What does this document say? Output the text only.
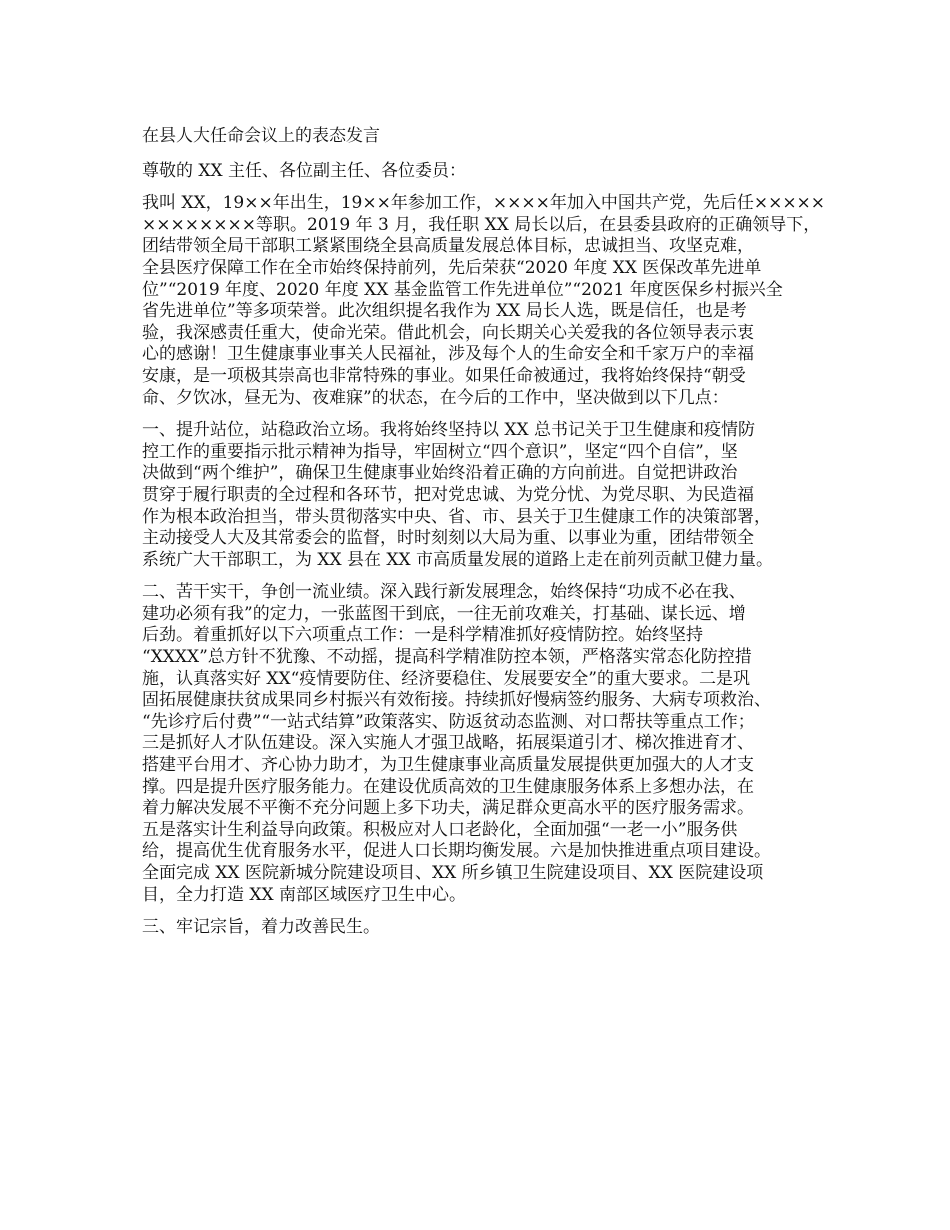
在县人大任命会议上的表态发言

尊敬的 XX 主任、各位副主任、各位委员：

我叫 XX，19××年出生，19××年参加工作，××××年加入中国共产党，先后任×××××
××××××××等职。2019 年 3 月，我任职 XX 局长以后，在县委县政府的正确领导下，
团结带领全局干部职工紧紧围绕全县高质量发展总体目标，忠诚担当、攻坚克难，
全县医疗保障工作在全市始终保持前列，先后荣获“2020 年度 XX 医保改革先进单
位”“2019 年度、2020 年度 XX 基金监管工作先进单位”“2021 年度医保乡村振兴全
省先进单位”等多项荣誉。此次组织提名我作为 XX 局长人选，既是信任，也是考
验，我深感责任重大，使命光荣。借此机会，向长期关心关爱我的各位领导表示衷
心的感谢！卫生健康事业事关人民福祉，涉及每个人的生命安全和千家万户的幸福
安康，是一项极其崇高也非常特殊的事业。如果任命被通过，我将始终保持“朝受
命、夕饮冰，昼无为、夜难寐”的状态，在今后的工作中，坚决做到以下几点：

一、提升站位，站稳政治立场。我将始终坚持以 XX 总书记关于卫生健康和疫情防
控工作的重要指示批示精神为指导，牢固树立“四个意识”，坚定“四个自信”，坚
决做到“两个维护”，确保卫生健康事业始终沿着正确的方向前进。自觉把讲政治
贯穿于履行职责的全过程和各环节，把对党忠诚、为党分忧、为党尽职、为民造福
作为根本政治担当，带头贯彻落实中央、省、市、县关于卫生健康工作的决策部署，
主动接受人大及其常委会的监督，时时刻刻以大局为重、以事业为重，团结带领全
系统广大干部职工，为 XX 县在 XX 市高质量发展的道路上走在前列贡献卫健力量。

二、苦干实干，争创一流业绩。深入践行新发展理念，始终保持“功成不必在我、
建功必须有我”的定力，一张蓝图干到底，一往无前攻难关，打基础、谋长远、增
后劲。着重抓好以下六项重点工作：一是科学精准抓好疫情防控。始终坚持
“XXXX”总方针不犹豫、不动摇，提高科学精准防控本领，严格落实常态化防控措
施，认真落实好 XX“疫情要防住、经济要稳住、发展要安全”的重大要求。二是巩
固拓展健康扶贫成果同乡村振兴有效衔接。持续抓好慢病签约服务、大病专项救治、
“先诊疗后付费”“一站式结算”政策落实、防返贫动态监测、对口帮扶等重点工作；
三是抓好人才队伍建设。深入实施人才强卫战略，拓展渠道引才、梯次推进育才、
搭建平台用才、齐心协力助才，为卫生健康事业高质量发展提供更加强大的人才支
撑。四是提升医疗服务能力。在建设优质高效的卫生健康服务体系上多想办法，在
着力解决发展不平衡不充分问题上多下功夫，满足群众更高水平的医疗服务需求。
五是落实计生利益导向政策。积极应对人口老龄化，全面加强“一老一小”服务供
给，提高优生优育服务水平，促进人口长期均衡发展。六是加快推进重点项目建设。
全面完成 XX 医院新城分院建设项目、XX 所乡镇卫生院建设项目、XX 医院建设项
目，全力打造 XX 南部区域医疗卫生中心。

三、牢记宗旨，着力改善民生。
